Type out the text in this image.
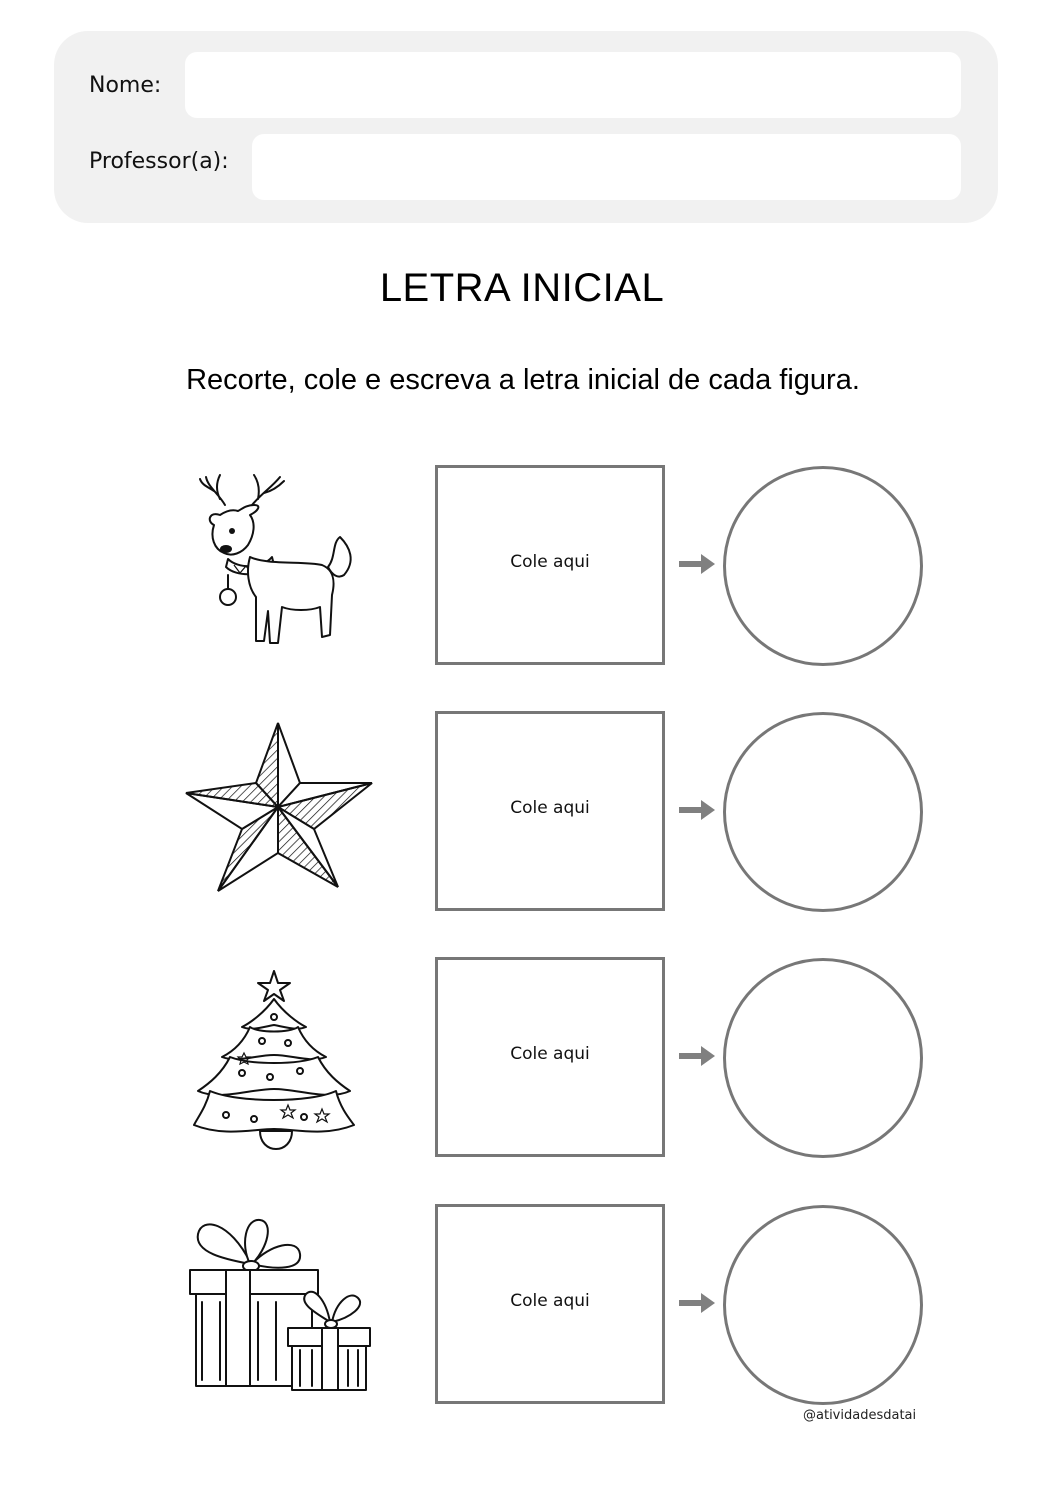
Nome:
Professor(a):
LETRA INICIAL
Recorte, cole e escreva a letra inicial de cada figura.
Cole aqui
Cole aqui
Cole aqui
Cole aqui
@atividadesdatai
